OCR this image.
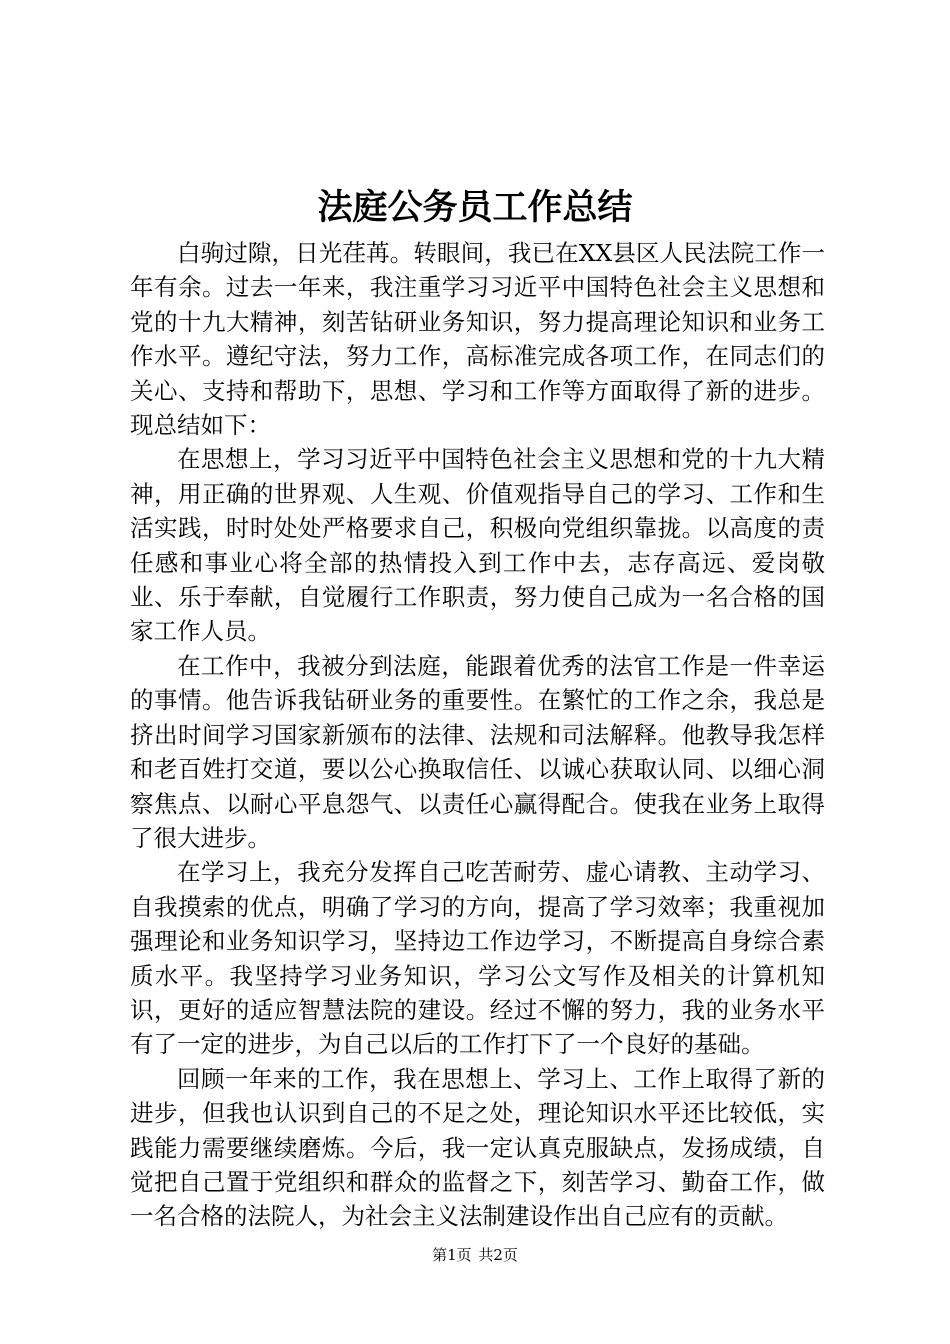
法庭公务员工作总结

白驹过隙，日光荏苒。转眼间，我已在XX县区人民法院工作一年有余。过去一年来，我注重学习习近平中国特色社会主义思想和党的十九大精神，刻苦钻研业务知识，努力提高理论知识和业务工作水平。遵纪守法，努力工作，高标准完成各项工作，在同志们的关心、支持和帮助下，思想、学习和工作等方面取得了新的进步。现总结如下：

在思想上，学习习近平中国特色社会主义思想和党的十九大精神，用正确的世界观、人生观、价值观指导自己的学习、工作和生活实践，时时处处严格要求自己，积极向党组织靠拢。以高度的责任感和事业心将全部的热情投入到工作中去，志存高远、爱岗敬业、乐于奉献，自觉履行工作职责，努力使自己成为一名合格的国家工作人员。

在工作中，我被分到法庭，能跟着优秀的法官工作是一件幸运的事情。他告诉我钻研业务的重要性。在繁忙的工作之余，我总是挤出时间学习国家新颁布的法律、法规和司法解释。他教导我怎样和老百姓打交道，要以公心换取信任、以诚心获取认同、以细心洞察焦点、以耐心平息怨气、以责任心赢得配合。使我在业务上取得了很大进步。

在学习上，我充分发挥自己吃苦耐劳、虚心请教、主动学习、自我摸索的优点，明确了学习的方向，提高了学习效率；我重视加强理论和业务知识学习，坚持边工作边学习，不断提高自身综合素质水平。我坚持学习业务知识，学习公文写作及相关的计算机知识，更好的适应智慧法院的建设。经过不懈的努力，我的业务水平有了一定的进步，为自己以后的工作打下了一个良好的基础。

回顾一年来的工作，我在思想上、学习上、工作上取得了新的进步，但我也认识到自己的不足之处，理论知识水平还比较低，实践能力需要继续磨炼。今后，我一定认真克服缺点，发扬成绩，自觉把自己置于党组织和群众的监督之下，刻苦学习、勤奋工作，做一名合格的法院人，为社会主义法制建设作出自己应有的贡献。

第1页 共2页
